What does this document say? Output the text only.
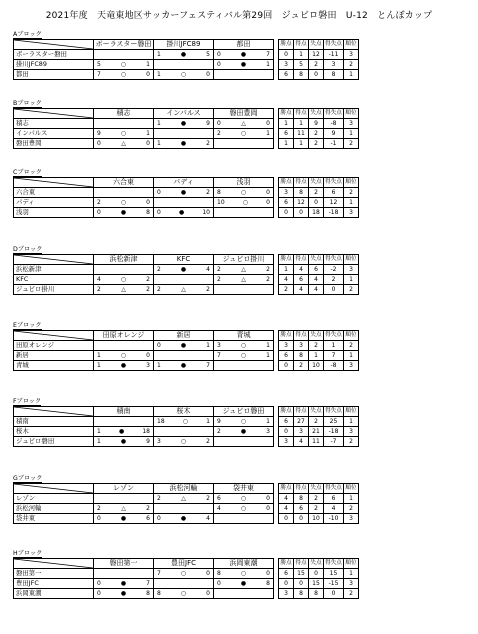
2021年度　天竜東地区サッカーフェスティバル第29回　ジュビロ磐田　U-12　とんぼカップ
Aブロック
	ボーラスター磐田	掛川JFC89	都田
ボーラスター磐田		1 ● 5	0 ● 7

掛川JFC89	5 ○ 1		0 ● 1

都田	7 ○ 0	1 ○ 0	

勝点	得点	失点	得失点	順位
0	1	12	-11	3
3	5	2	3	2
6	8	0	8	1
Bブロック
	積志	インパルス	磐田豊岡
積志		1 ● 9	0 △ 0

インパルス	9 ○ 1		2 ○ 1

磐田豊岡	0 △ 0	1 ● 2	

勝点	得点	失点	得失点	順位
1	1	9	-8	3
6	11	2	9	1
1	1	2	-1	2
Cブロック
	六合東	パディ	浅羽
六合東		0 ● 2	8 ○ 0

パディ	2 ○ 0		10 ○ 0

浅羽	0 ● 8	0 ● 10	

勝点	得点	失点	得失点	順位
3	8	2	6	2
6	12	0	12	1
0	0	18	-18	3
Dブロック
	浜松新津	KFC	ジュビロ掛川
浜松新津		2 ● 4	2 △ 2

KFC	4 ○ 2		2 △ 2

ジュビロ掛川	2 △ 2	2 △ 2	

勝点	得点	失点	得失点	順位
1	4	6	-2	3
4	6	4	2	1
2	4	4	0	2
Eブロック
	田原オレンジ	新居	青城
田原オレンジ		0 ● 1	3 ○ 1

新居	1 ○ 0		7 ○ 1

青城	1 ● 3	1 ● 7	

勝点	得点	失点	得失点	順位
3	3	2	1	2
6	8	1	7	1
0	2	10	-8	3
Fブロック
	積南	桜木	ジュビロ磐田
積南		18 ○ 1	9 ○ 1

桜木	1 ● 18		2 ● 3

ジュビロ磐田	1 ● 9	3 ○ 2	

勝点	得点	失点	得失点	順位
6	27	2	25	1
0	3	21	-18	3
3	4	11	-7	2
Gブロック
	レゾン	浜松河輪	袋井東
レゾン		2 △ 2	6 ○ 0

浜松河輪	2 △ 2		4 ○ 0

袋井東	0 ● 6	0 ● 4	

勝点	得点	失点	得失点	順位
4	8	2	6	1
4	6	2	4	2
0	0	10	-10	3
Hブロック
	磐田第一	豊田JFC	浜岡東潮
磐田第一		7 ○ 0	8 ○ 0

豊田JFC	0 ● 7		0 ● 8

浜岡東潮	0 ● 8	8 ○ 0	

勝点	得点	失点	得失点	順位
6	15	0	15	1
0	0	15	-15	3
3	8	8	0	2
